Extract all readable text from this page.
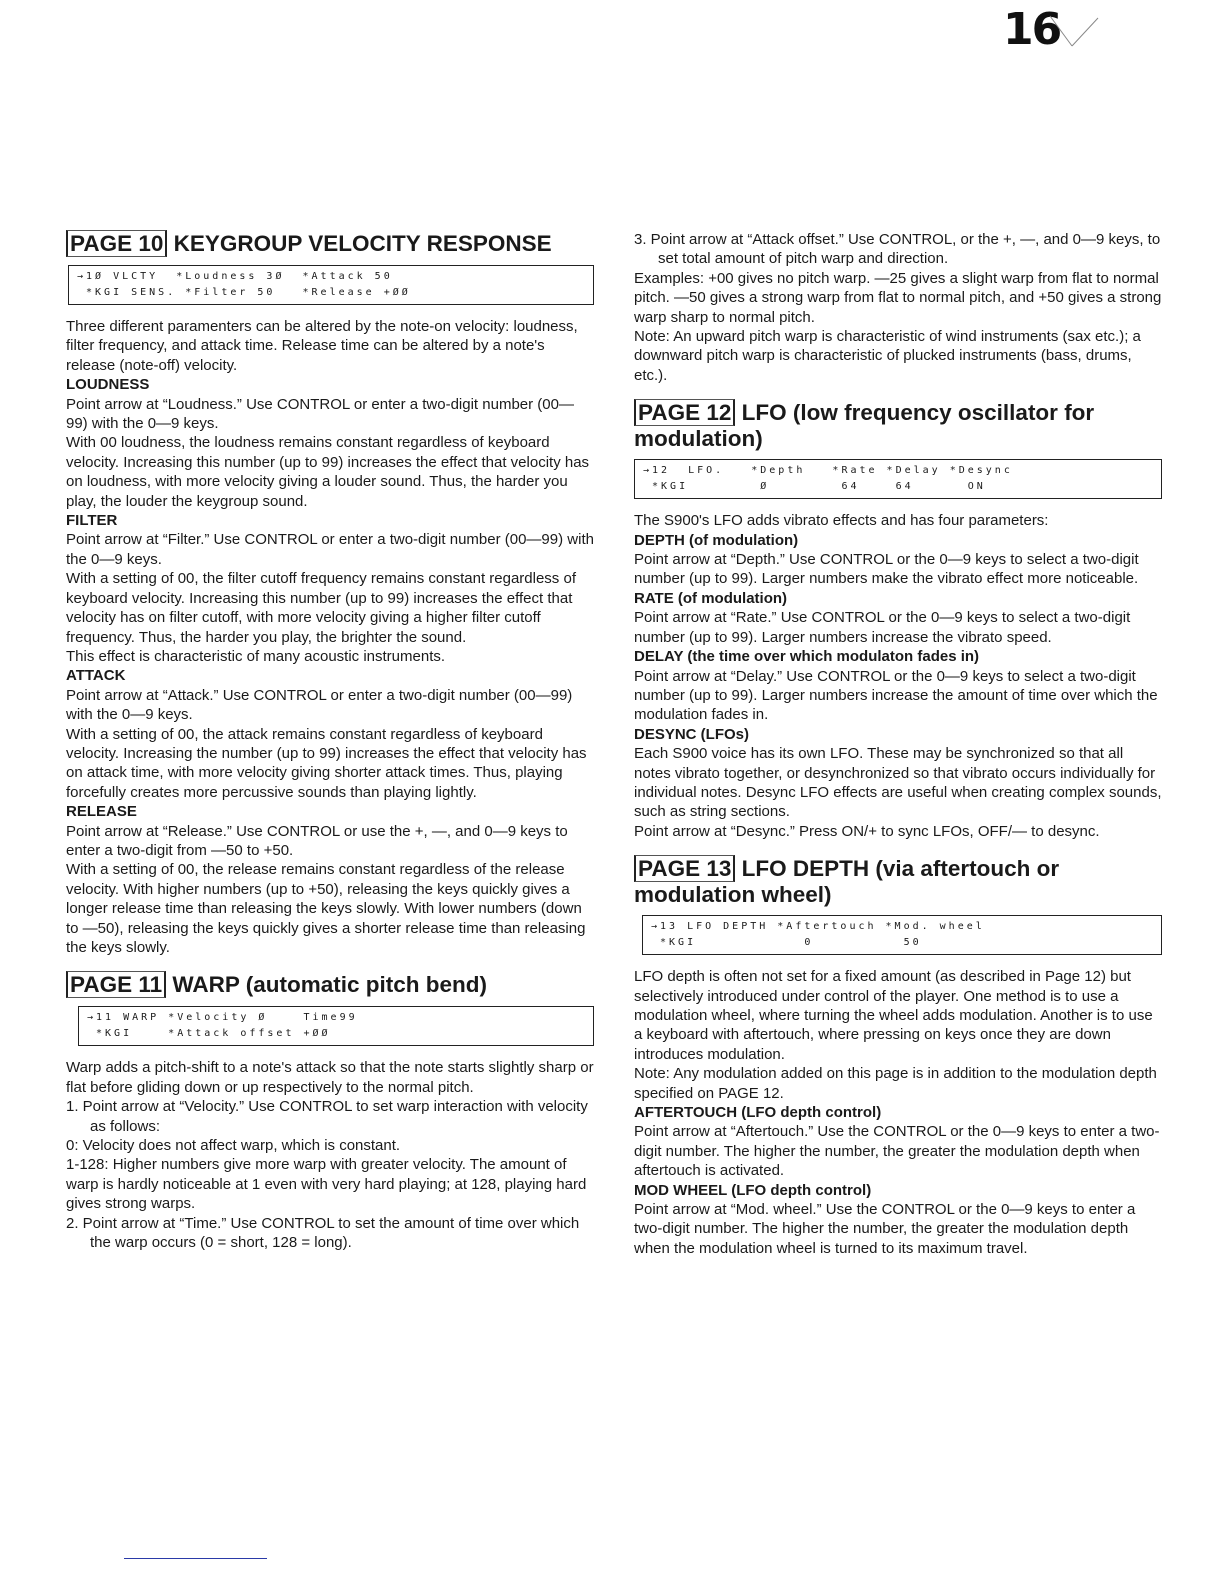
16
PAGE 10 KEYGROUP VELOCITY RESPONSE
→1Ø VLCTY  *Loudness 3Ø  *Attack 50
*KGI SENS. *Filter 50   *Release +ØØ

Three different paramenters can be altered by the note-on velocity: loudness, filter frequency, and attack time. Release time can be altered by a note's release (note-off) velocity.

LOUDNESS

Point arrow at “Loudness.” Use CONTROL or enter a two-digit number (00—99) with the 0—9 keys.

With 00 loudness, the loudness remains constant regardless of keyboard velocity. Increasing this number (up to 99) increases the effect that velocity has on loudness, with more velocity giving a louder sound. Thus, the harder you play, the louder the keygroup sound.

FILTER

Point arrow at “Filter.” Use CONTROL or enter a two-digit number (00—99) with the 0—9 keys.

With a setting of 00, the filter cutoff frequency remains constant regardless of keyboard velocity. Increasing this number (up to 99) increases the effect that velocity has on filter cutoff, with more velocity giving a higher filter cutoff frequency. Thus, the harder you play, the brighter the sound.

This effect is characteristic of many acoustic instruments.

ATTACK

Point arrow at “Attack.” Use CONTROL or enter a two-digit number (00—99) with the 0—9 keys.

With a setting of 00, the attack remains constant regardless of keyboard velocity. Increasing the number (up to 99) increases the effect that velocity has on attack time, with more velocity giving shorter attack times. Thus, playing forcefully creates more percussive sounds than playing lightly.

RELEASE

Point arrow at “Release.” Use CONTROL or use the +, —, and 0—9 keys to enter a two-digit from —50 to +50.

With a setting of 00, the release remains constant regardless of the release velocity. With higher numbers (up to +50), releasing the keys quickly gives a longer release time than releasing the keys slowly. With lower numbers (down to —50), releasing the keys quickly gives a shorter release time than releasing the keys slowly.

PAGE 11 WARP (automatic pitch bend)
→11 WARP *Velocity Ø    Time99
*KGI    *Attack offset +ØØ

Warp adds a pitch-shift to a note's attack so that the note starts slightly sharp or flat before gliding down or up respectively to the normal pitch.

1. Point arrow at “Velocity.” Use CONTROL to set warp interaction with velocity as follows:

0: Velocity does not affect warp, which is constant.

1-128: Higher numbers give more warp with greater velocity. The amount of warp is hardly noticeable at 1 even with very hard playing; at 128, playing hard gives strong warps.

2. Point arrow at “Time.” Use CONTROL to set the amount of time over which the warp occurs (0 = short, 128 = long).

3. Point arrow at “Attack offset.” Use CONTROL, or the +, —, and 0—9 keys, to set total amount of pitch warp and direction.

Examples: +00 gives no pitch warp. —25 gives a slight warp from flat to normal pitch. —50 gives a strong warp from flat to normal pitch, and +50 gives a strong warp sharp to normal pitch.

Note: An upward pitch warp is characteristic of wind instruments (sax etc.); a downward pitch warp is characteristic of plucked instruments (bass, drums, etc.).

PAGE 12 LFO (low frequency oscillator for modulation)
→12  LFO.   *Depth   *Rate *Delay *Desync
*KGI        Ø        64    64      ON

The S900's LFO adds vibrato effects and has four parameters:

DEPTH (of modulation)

Point arrow at “Depth.” Use CONTROL or the 0—9 keys to select a two-digit number (up to 99). Larger numbers make the vibrato effect more noticeable.

RATE (of modulation)

Point arrow at “Rate.” Use CONTROL or the 0—9 keys to select a two-digit number (up to 99). Larger numbers increase the vibrato speed.

DELAY (the time over which modulaton fades in)

Point arrow at “Delay.” Use CONTROL or the 0—9 keys to select a two-digit number (up to 99). Larger numbers increase the amount of time over which the modulation fades in.

DESYNC (LFOs)

Each S900 voice has its own LFO. These may be synchronized so that all notes vibrato together, or desynchronized so that vibrato occurs individually for individual notes. Desync LFO effects are useful when creating complex sounds, such as string sections.

Point arrow at “Desync.” Press ON/+ to sync LFOs, OFF/— to desync.

PAGE 13 LFO DEPTH (via aftertouch or modulation wheel)
→13 LFO DEPTH *Aftertouch *Mod. wheel
*KGI            0          50

LFO depth is often not set for a fixed amount (as described in Page 12) but selectively introduced under control of the player. One method is to use a modulation wheel, where turning the wheel adds modulation. Another is to use a keyboard with aftertouch, where pressing on keys once they are down introduces modulation.

Note: Any modulation added on this page is in addition to the modulation depth specified on PAGE 12.

AFTERTOUCH (LFO depth control)

Point arrow at “Aftertouch.” Use the CONTROL or the 0—9 keys to enter a two-digit number. The higher the number, the greater the modulation depth when aftertouch is activated.

MOD WHEEL (LFO depth control)

Point arrow at “Mod. wheel.” Use the CONTROL or the 0—9 keys to enter a two-digit number. The higher the number, the greater the modulation depth when the modulation wheel is turned to its maximum travel.
